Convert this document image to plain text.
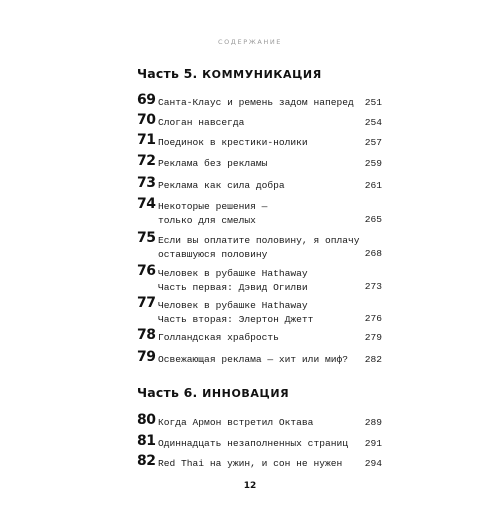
СОДЕРЖАНИЕ
Часть 5. КОММУНИКАЦИЯ
69 Санта-Клаус и ремень задом наперед	251
70 Слоган навсегда	254
71 Поединок в крестики-нолики	257
72 Реклама без рекламы	259
73 Реклама как сила добра	261
74 Некоторые решения —
только для смелых	265
75 Если вы оплатите половину, я оплачу
оставшуюся половину	268
76 Человек в рубашке Hathaway
Часть первая: Дэвид Огилви	273
77 Человек в рубашке Hathaway
Часть вторая: Элертон Джетт	276
78 Голландская храбрость	279
79 Освежающая реклама — хит или миф?	282
Часть 6. ИННОВАЦИЯ
80 Когда Армон встретил Октава	289
81 Одиннадцать незаполненных страниц	291
82 Red Thai на ужин, и сон не нужен	294
12
